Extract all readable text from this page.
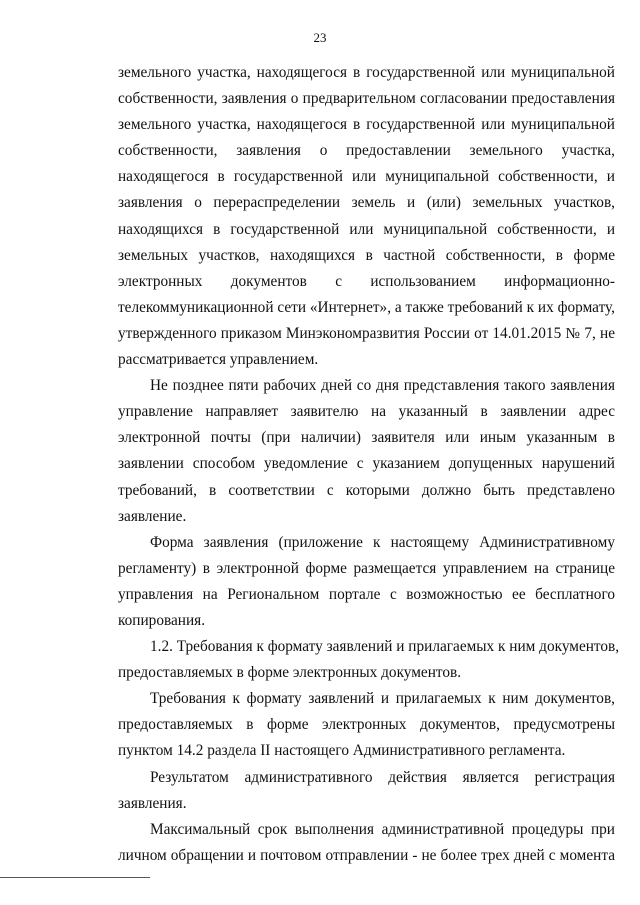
23
земельного участка, находящегося в государственной или муниципальной
собственности, заявления о предварительном согласовании предоставления
земельного участка, находящегося в государственной или муниципальной
собственности, заявления о предоставлении земельного участка,
находящегося в государственной или муниципальной собственности, и
заявления о перераспределении земель и (или) земельных участков,
находящихся в государственной или муниципальной собственности, и
земельных участков, находящихся в частной собственности, в форме
электронных документов с использованием информационно-
телекоммуникационной сети «Интернет», а также требований к их формату,
утвержденного приказом Минэкономразвития России от 14.01.2015 № 7, не
рассматривается управлением.
Не позднее пяти рабочих дней со дня представления такого заявления
управление направляет заявителю на указанный в заявлении адрес
электронной почты (при наличии) заявителя или иным указанным в
заявлении способом уведомление с указанием допущенных нарушений
требований, в соответствии с которыми должно быть представлено
заявление.
Форма заявления (приложение к настоящему Административному
регламенту) в электронной форме размещается управлением на странице
управления на Региональном портале с возможностью ее бесплатного
копирования.
1.2. Требования к формату заявлений и прилагаемых к ним документов,
предоставляемых в форме электронных документов.
Требования к формату заявлений и прилагаемых к ним документов,
предоставляемых в форме электронных документов, предусмотрены
пунктом 14.2 раздела II настоящего Административного регламента.
Результатом административного действия является регистрация
заявления.
Максимальный срок выполнения административной процедуры при
личном обращении и почтовом отправлении - не более трех дней с момента
